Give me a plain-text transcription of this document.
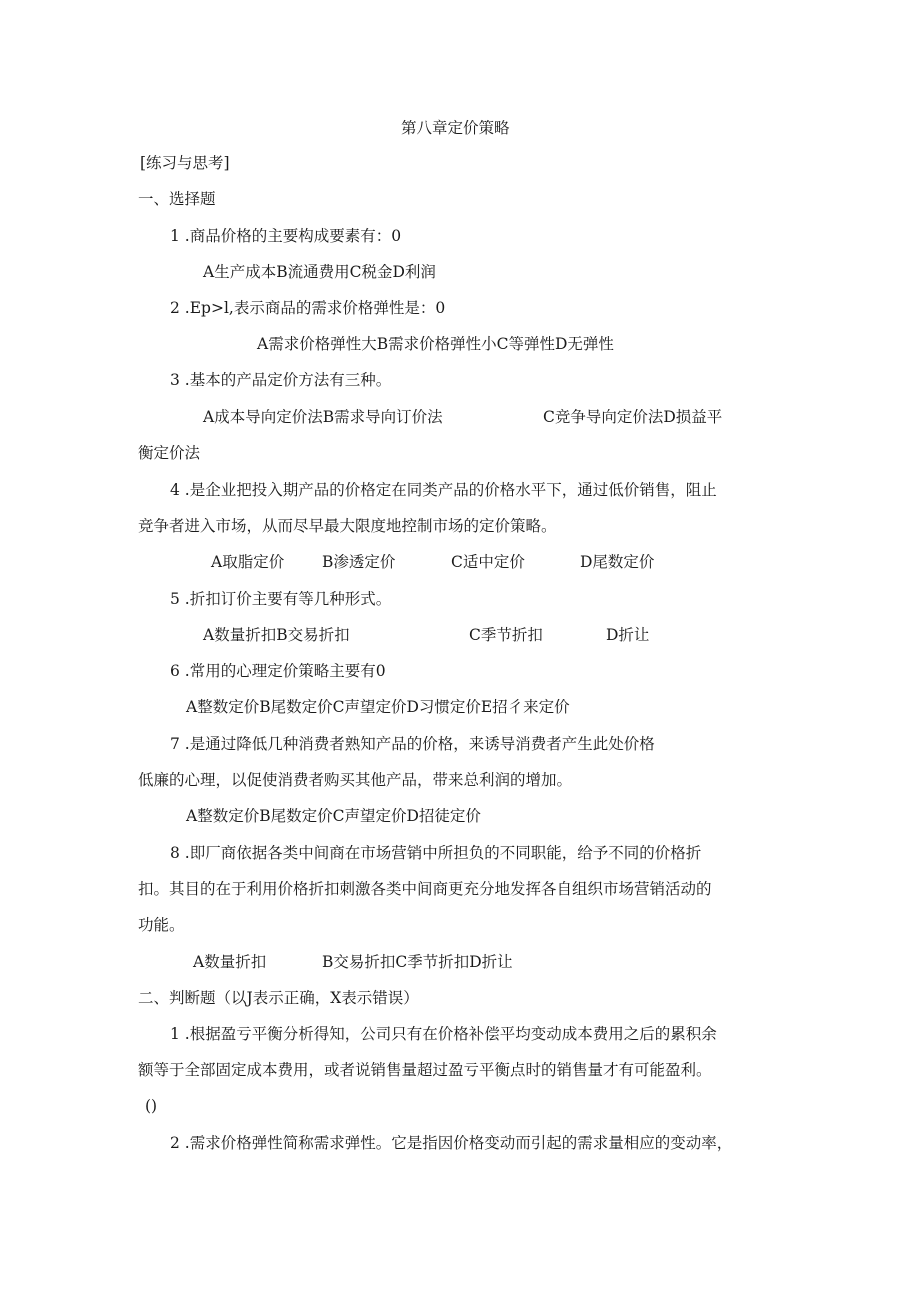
第八章定价策略
[练习与思考]
一、选择题
1 .商品价格的主要构成要素有：0
A生产成本B流通费用C税金D利润
2 .Ep>l,表示商品的需求价格弹性是：0
A需求价格弹性大B需求价格弹性小C等弹性D无弹性
3 .基本的产品定价方法有三种。
A成本导向定价法B需求导向订价法	C竞争导向定价法D损益平
衡定价法
4 .是企业把投入期产品的价格定在同类产品的价格水平下，通过低价销售，阻止
竞争者进入市场，从而尽早最大限度地控制市场的定价策略。
A取脂定价 B渗透定价	C适中定价	D尾数定价
5 .折扣订价主要有等几种形式。
A数量折扣B交易折扣	C季节折扣	D折让
6 .常用的心理定价策略主要有0
A整数定价B尾数定价C声望定价D习惯定价E招彳来定价
7 .是通过降低几种消费者熟知产品的价格，来诱导消费者产生此处价格
低廉的心理，以促使消费者购买其他产品，带来总利润的增加。
A整数定价B尾数定价C声望定价D招徒定价
8 .即厂商依据各类中间商在市场营销中所担负的不同职能，给予不同的价格折
扣。其目的在于利用价格折扣刺激各类中间商更充分地发挥各自组织市场营销活动的
功能。
A数量折扣	B交易折扣C季节折扣D折让
二、判断题（以J表示正确，X表示错误）
1 .根据盈亏平衡分析得知，公司只有在价格补偿平均变动成本费用之后的累积余
额等于全部固定成本费用，或者说销售量超过盈亏平衡点时的销售量才有可能盈利。
()
2 .需求价格弹性简称需求弹性。它是指因价格变动而引起的需求量相应的变动率，
